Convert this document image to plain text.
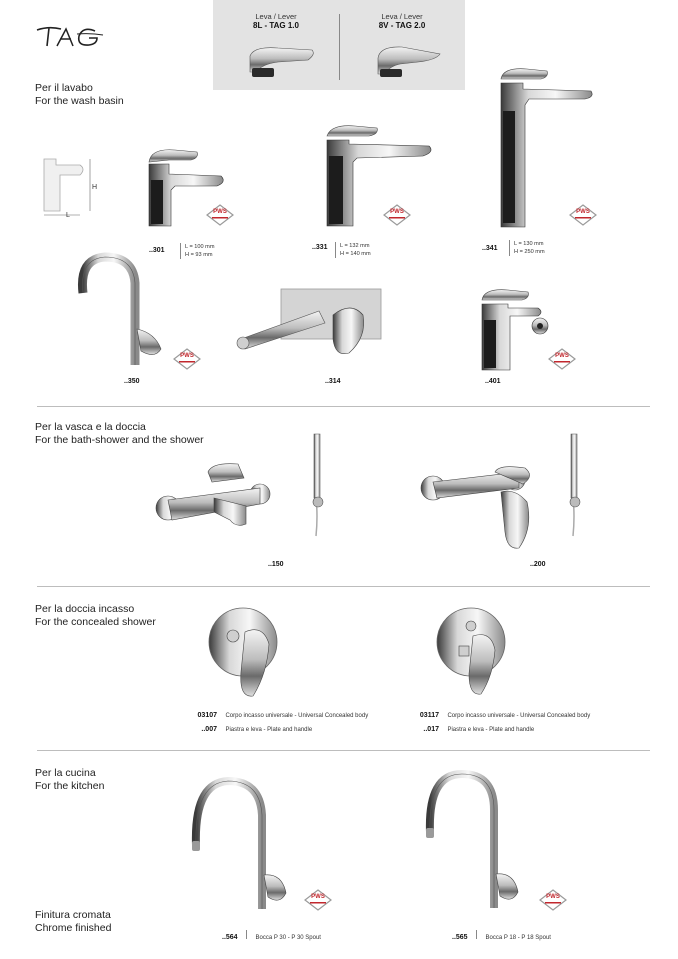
Leva / Lever
8L - TAG 1.0
Leva / Lever
8V - TAG 2.0
Per il lavabo
For the wash basin
H
L	PWS
..301	L = 100 mm
H = 93 mm
PWS
..331 L = 132 mm
H = 140 mm
PWS
..341
L = 130 mm
H = 250 mm
PWS
..350	..314
PWS
..401
Per la vasca e la doccia
For the bath-shower and the shower
..150	..200
Per la doccia incasso
For the concealed shower
03107 Corpo incasso universale - Universal Concealed body
..007 Piastra e leva - Plate and handle
03117 Corpo incasso universale - Universal Concealed body
..017 Piastra e leva - Plate and handle
Per la cucina
For the kitchen
PWS
..564	Bocca P 30 - P 30 Spout
PWS
..565	Bocca P 18 - P 18 Spout
Finitura cromata
Chrome finished
